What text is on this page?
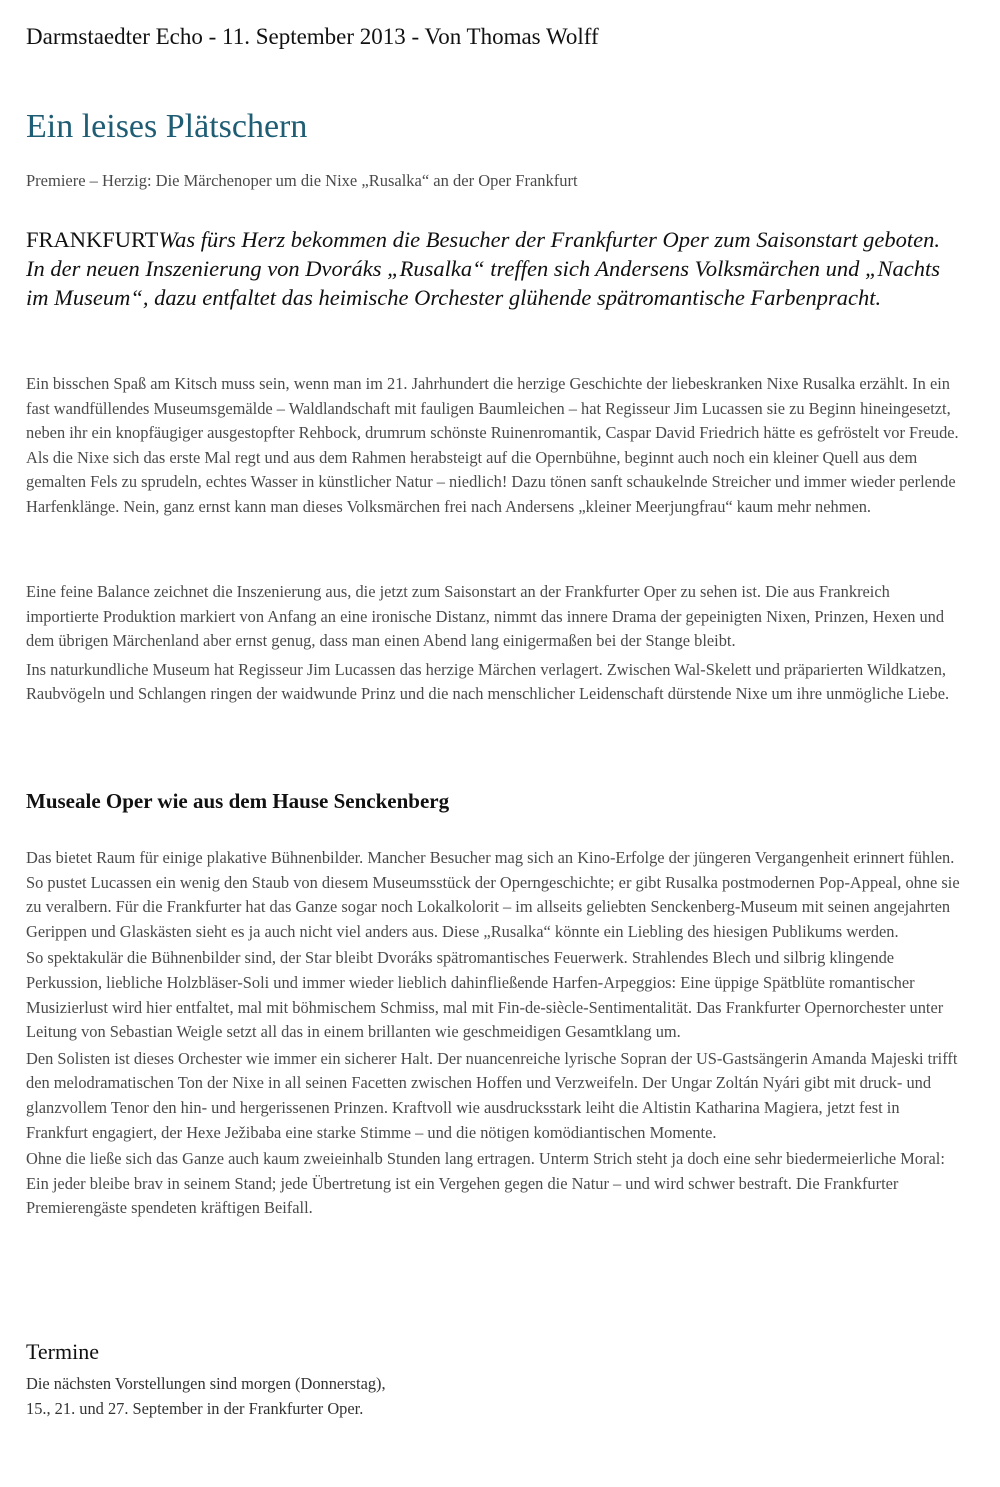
Darmstaedter Echo - 11. September 2013 - Von Thomas Wolff
Ein leises Plätschern
Premiere – Herzig: Die Märchenoper um die Nixe „Rusalka“ an der Oper Frankfurt
FRANKFURTWas fürs Herz bekommen die Besucher der Frankfurter Oper zum Saisonstart geboten. In der neuen Inszenierung von Dvoráks „Rusalka“ treffen sich Andersens Volksmärchen und „Nachts im Museum“, dazu entfaltet das heimische Orchester glühende spätromantische Farbenpracht.

Ein bisschen Spaß am Kitsch muss sein, wenn man im 21. Jahrhundert die herzige Geschichte der liebeskranken Nixe Rusalka erzählt. In ein fast wandfüllendes Museumsgemälde – Waldlandschaft mit fauligen Baumleichen – hat Regisseur Jim Lucassen sie zu Beginn hineingesetzt, neben ihr ein knopfäugiger ausgestopfter Rehbock, drumrum schönste Ruinenromantik, Caspar David Friedrich hätte es gefröstelt vor Freude. Als die Nixe sich das erste Mal regt und aus dem Rahmen herabsteigt auf die Opernbühne, beginnt auch noch ein kleiner Quell aus dem gemalten Fels zu sprudeln, echtes Wasser in künstlicher Natur – niedlich! Dazu tönen sanft schaukelnde Streicher und immer wieder perlende Harfenklänge. Nein, ganz ernst kann man dieses Volksmärchen frei nach Andersens „kleiner Meerjungfrau“ kaum mehr nehmen.

Eine feine Balance zeichnet die Inszenierung aus, die jetzt zum Saisonstart an der Frankfurter Oper zu sehen ist. Die aus Frankreich importierte Produktion markiert von Anfang an eine ironische Distanz, nimmt das innere Drama der gepeinigten Nixen, Prinzen, Hexen und dem übrigen Märchenland aber ernst genug, dass man einen Abend lang einigermaßen bei der Stange bleibt.

Ins naturkundliche Museum hat Regisseur Jim Lucassen das herzige Märchen verlagert. Zwischen Wal-Skelett und präparierten Wildkatzen, Raubvögeln und Schlangen ringen der waidwunde Prinz und die nach menschlicher Leidenschaft dürstende Nixe um ihre unmögliche Liebe.

Museale Oper wie aus dem Hause Senckenberg

Das bietet Raum für einige plakative Bühnenbilder. Mancher Besucher mag sich an Kino-Erfolge der jüngeren Vergangenheit erinnert fühlen. So pustet Lucassen ein wenig den Staub von diesem Museumsstück der Operngeschichte; er gibt Rusalka postmodernen Pop-Appeal, ohne sie zu veralbern. Für die Frankfurter hat das Ganze sogar noch Lokalkolorit – im allseits geliebten Senckenberg-Museum mit seinen angejahrten Gerippen und Glaskästen sieht es ja auch nicht viel anders aus. Diese „Rusalka“ könnte ein Liebling des hiesigen Publikums werden.

So spektakulär die Bühnenbilder sind, der Star bleibt Dvoráks spätromantisches Feuerwerk. Strahlendes Blech und silbrig klingende Perkussion, liebliche Holzbläser-Soli und immer wieder lieblich dahinfließende Harfen-Arpeggios: Eine üppige Spätblüte romantischer Musizierlust wird hier entfaltet, mal mit böhmischem Schmiss, mal mit Fin-de-siècle-Sentimentalität. Das Frankfurter Opernorchester unter Leitung von Sebastian Weigle setzt all das in einem brillanten wie geschmeidigen Gesamtklang um.

Den Solisten ist dieses Orchester wie immer ein sicherer Halt. Der nuancenreiche lyrische Sopran der US-Gastsängerin Amanda Majeski trifft den melodramatischen Ton der Nixe in all seinen Facetten zwischen Hoffen und Verzweifeln. Der Ungar Zoltán Nyári gibt mit druck- und glanzvollem Tenor den hin- und hergerissenen Prinzen. Kraftvoll wie ausdrucksstark leiht die Altistin Katharina Magiera, jetzt fest in Frankfurt engagiert, der Hexe Ježibaba eine starke Stimme – und die nötigen komödiantischen Momente.

Ohne die ließe sich das Ganze auch kaum zweieinhalb Stunden lang ertragen. Unterm Strich steht ja doch eine sehr biedermeierliche Moral: Ein jeder bleibe brav in seinem Stand; jede Übertretung ist ein Vergehen gegen die Natur – und wird schwer bestraft. Die Frankfurter Premierengäste spendeten kräftigen Beifall.

Termine
Die nächsten Vorstellungen sind morgen (Donnerstag),
15., 21. und 27. September in der Frankfurter Oper.
